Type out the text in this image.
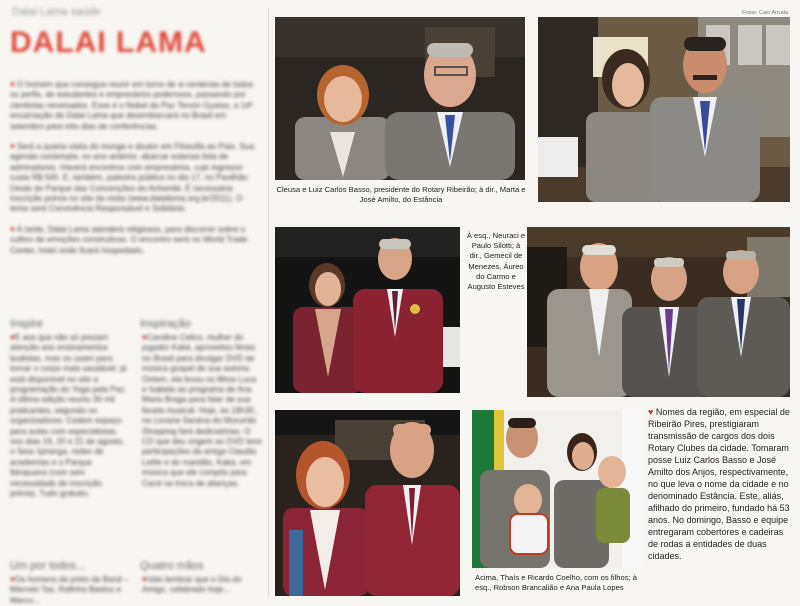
Dalai Lama saúde
DALAI LAMA

♥ O homem que consegue reunir em torno de si centenas de todos os perfis, de estudantes e empresários poderosos, passando por cientistas renomados. Esse é o Nobel da Paz Tenzin Gyatso, a 14ª encarnação de Dalai Lama que desembarcará no Brasil em setembro para três dias de conferências.

♥ Será a quarta visita do monge e doutor em Filosofia ao País. Sua agenda contempla, no ano anterior, abarcar extensa lista de admiradores. Haverá encontros com empresários, cujo ingresso custa R$ 500. E, também, palestra pública no dia 17, no Pavilhão Oeste do Parque das Convenções do Anhembi. É necessária inscrição prévia no site da visita (www.dalailama.org.br/2011). O tema será Convivência Responsável e Solidária.

♥ À tarde, Dalai Lama atenderá religiosos, para discorrer sobre o cultivo de emoções construtivas. O encontro será no World Trade Center, hotel onde ficará hospedado.

Inspire	Inspiração
♥É aos que não só prezam atenção aos ensinamentos budistas, mas os usam para tornar o corpo mais saudável, já está disponível no site a programação do Yoga pela Paz. A última edição reuniu 30 mil praticantes, segundo os organizadores. Cedem espaço para aulas com especialistas, nos dias 19, 20 e 21 de agosto, o Sesc Ipiranga, redes de academias e o Parque Ibirapuera (com sem necessidade de inscrição prévia). Tudo gratuito.
♥Caroline Celico, mulher do jogador Kaká, aproveitou férias no Brasil para divulgar DVD de música gospel de sua autoria. Ontem, ela levou os filhos Luca e Isabela ao programa de Ana Maria Braga para falar de sua faceta musical. Hoje, às 19h30, na Livraria Saraiva do Morumbi Shopping fará dedicatórias. O CD que deu origem ao DVD teve participações da amiga Claudia Leitte e do maridão, Kaká, em música que ele compôs para Carol na troca de alianças.
Um por todos...	Quatro mãos
♥Os homens de preto da Band – Marcelo Tas, Rafinha Bastos e Marco...
♥Vale lembrar que o Dia do Amigo, celebrado hoje...
Fotos: Caio Arruda
Cleusa e Luiz Carlos Basso, presidente do Rotary Ribeirão; à dir., Marta e José Amilto, do Estância
À esq., Neuraci e Paulo Silotti; à dir., Gemecil de Menezes, Áureo do Carmo e Augusto Esteves
Acima, Thaís e Ricardo Coelho, com os filhos; à esq., Robson Brancalião e Ana Paula Lopes
♥ Nomes da região, em especial de Ribeirão Pires, prestigiaram transmissão de cargos dos dois Rotary Clubes da cidade. Tomaram posse Luiz Carlos Basso e José Amilto dos Anjos, respectivamente, no que leva o nome da cidade e no denominado Estância. Este, aliás, afilhado do primeiro, fundado há 53 anos. No domingo, Basso e equipe entregaram cobertores e cadeiras de rodas a entidades de duas cidades.
